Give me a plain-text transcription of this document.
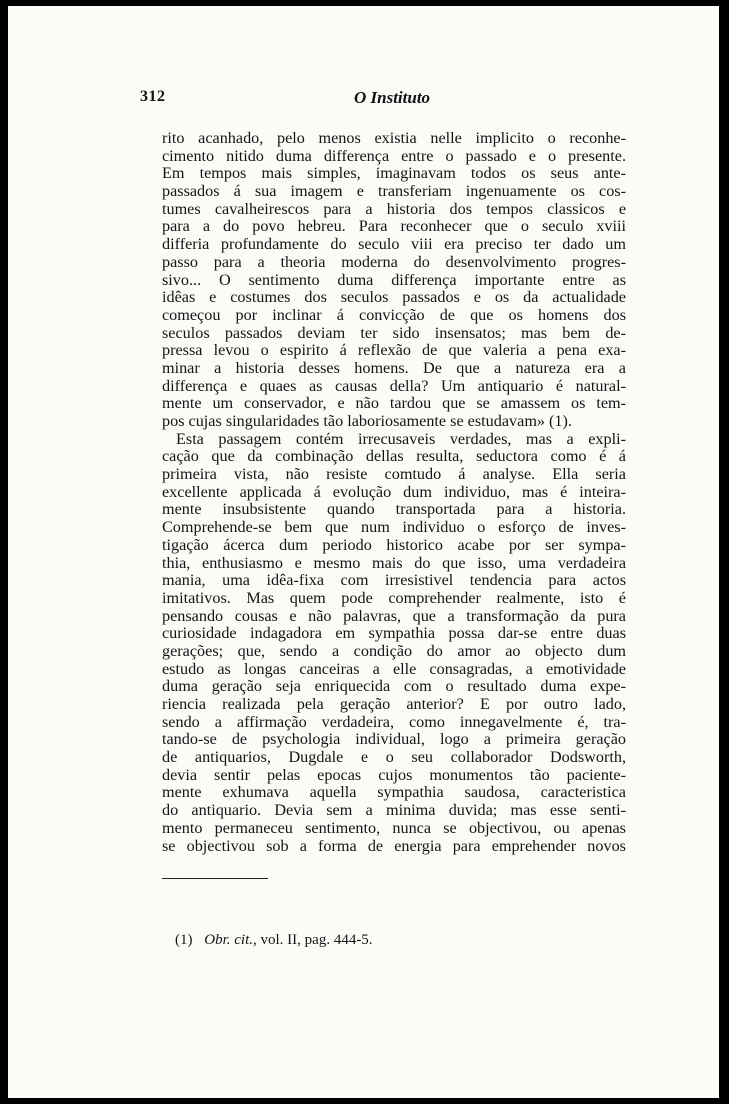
312	O Instituto
rito acanhado, pelo menos existia nelle implicito o reconhe-
cimento nitido duma differença entre o passado e o presente.
Em tempos mais simples, imaginavam todos os seus ante-
passados á sua imagem e transferiam ingenuamente os cos-
tumes cavalheirescos para a historia dos tempos classicos e
para a do povo hebreu. Para reconhecer que o seculo xviii
differia profundamente do seculo viii era preciso ter dado um
passo para a theoria moderna do desenvolvimento progres-
sivo... O sentimento duma differença importante entre as
idêas e costumes dos seculos passados e os da actualidade
começou por inclinar á convicção de que os homens dos
seculos passados deviam ter sido insensatos; mas bem de-
pressa levou o espirito á reflexão de que valeria a pena exa-
minar a historia desses homens. De que a natureza era a
differença e quaes as causas della? Um antiquario é natural-
mente um conservador, e não tardou que se amassem os tem-
pos cujas singularidades tão laboriosamente se estudavam» (1).
Esta passagem contém irrecusaveis verdades, mas a expli-
cação que da combinação dellas resulta, seductora como é á
primeira vista, não resiste comtudo á analyse. Ella seria
excellente applicada á evolução dum individuo, mas é inteira-
mente insubsistente quando transportada para a historia.
Comprehende-se bem que num individuo o esforço de inves-
tigação ácerca dum periodo historico acabe por ser sympa-
thia, enthusiasmo e mesmo mais do que isso, uma verdadeira
mania, uma idêa-fixa com irresistivel tendencia para actos
imitativos. Mas quem pode comprehender realmente, isto é
pensando cousas e não palavras, que a transformação da pura
curiosidade indagadora em sympathia possa dar-se entre duas
gerações; que, sendo a condição do amor ao objecto dum
estudo as longas canceiras a elle consagradas, a emotividade
duma geração seja enriquecida com o resultado duma expe-
riencia realizada pela geração anterior? E por outro lado,
sendo a affirmação verdadeira, como innegavelmente é, tra-
tando-se de psychologia individual, logo a primeira geração
de antiquarios, Dugdale e o seu collaborador Dodsworth,
devia sentir pelas epocas cujos monumentos tão paciente-
mente exhumava aquella sympathia saudosa, caracteristica
do antiquario. Devia sem a minima duvida; mas esse senti-
mento permaneceu sentimento, nunca se objectivou, ou apenas
se objectivou sob a forma de energia para emprehender novos
(1) Obr. cit., vol. II, pag. 444-5.
